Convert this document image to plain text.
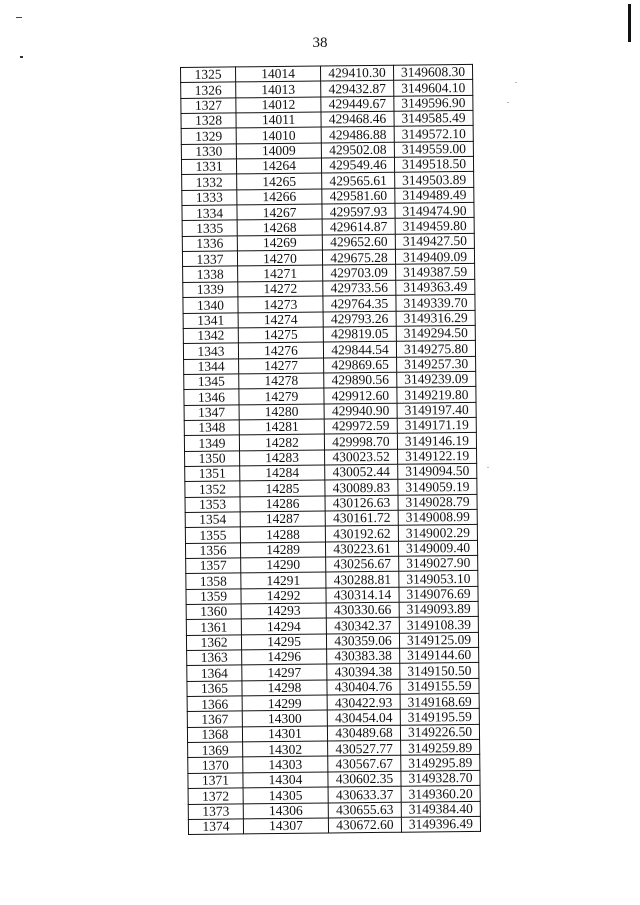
38
1325	14014	429410.30	3149608.30
1326	14013	429432.87	3149604.10
1327	14012	429449.67	3149596.90
1328	14011	429468.46	3149585.49
1329	14010	429486.88	3149572.10
1330	14009	429502.08	3149559.00
1331	14264	429549.46	3149518.50
1332	14265	429565.61	3149503.89
1333	14266	429581.60	3149489.49
1334	14267	429597.93	3149474.90
1335	14268	429614.87	3149459.80
1336	14269	429652.60	3149427.50
1337	14270	429675.28	3149409.09
1338	14271	429703.09	3149387.59
1339	14272	429733.56	3149363.49
1340	14273	429764.35	3149339.70
1341	14274	429793.26	3149316.29
1342	14275	429819.05	3149294.50
1343	14276	429844.54	3149275.80
1344	14277	429869.65	3149257.30
1345	14278	429890.56	3149239.09
1346	14279	429912.60	3149219.80
1347	14280	429940.90	3149197.40
1348	14281	429972.59	3149171.19
1349	14282	429998.70	3149146.19
1350	14283	430023.52	3149122.19
1351	14284	430052.44	3149094.50
1352	14285	430089.83	3149059.19
1353	14286	430126.63	3149028.79
1354	14287	430161.72	3149008.99
1355	14288	430192.62	3149002.29
1356	14289	430223.61	3149009.40
1357	14290	430256.67	3149027.90
1358	14291	430288.81	3149053.10
1359	14292	430314.14	3149076.69
1360	14293	430330.66	3149093.89
1361	14294	430342.37	3149108.39
1362	14295	430359.06	3149125.09
1363	14296	430383.38	3149144.60
1364	14297	430394.38	3149150.50
1365	14298	430404.76	3149155.59
1366	14299	430422.93	3149168.69
1367	14300	430454.04	3149195.59
1368	14301	430489.68	3149226.50
1369	14302	430527.77	3149259.89
1370	14303	430567.67	3149295.89
1371	14304	430602.35	3149328.70
1372	14305	430633.37	3149360.20
1373	14306	430655.63	3149384.40
1374	14307	430672.60	3149396.49
